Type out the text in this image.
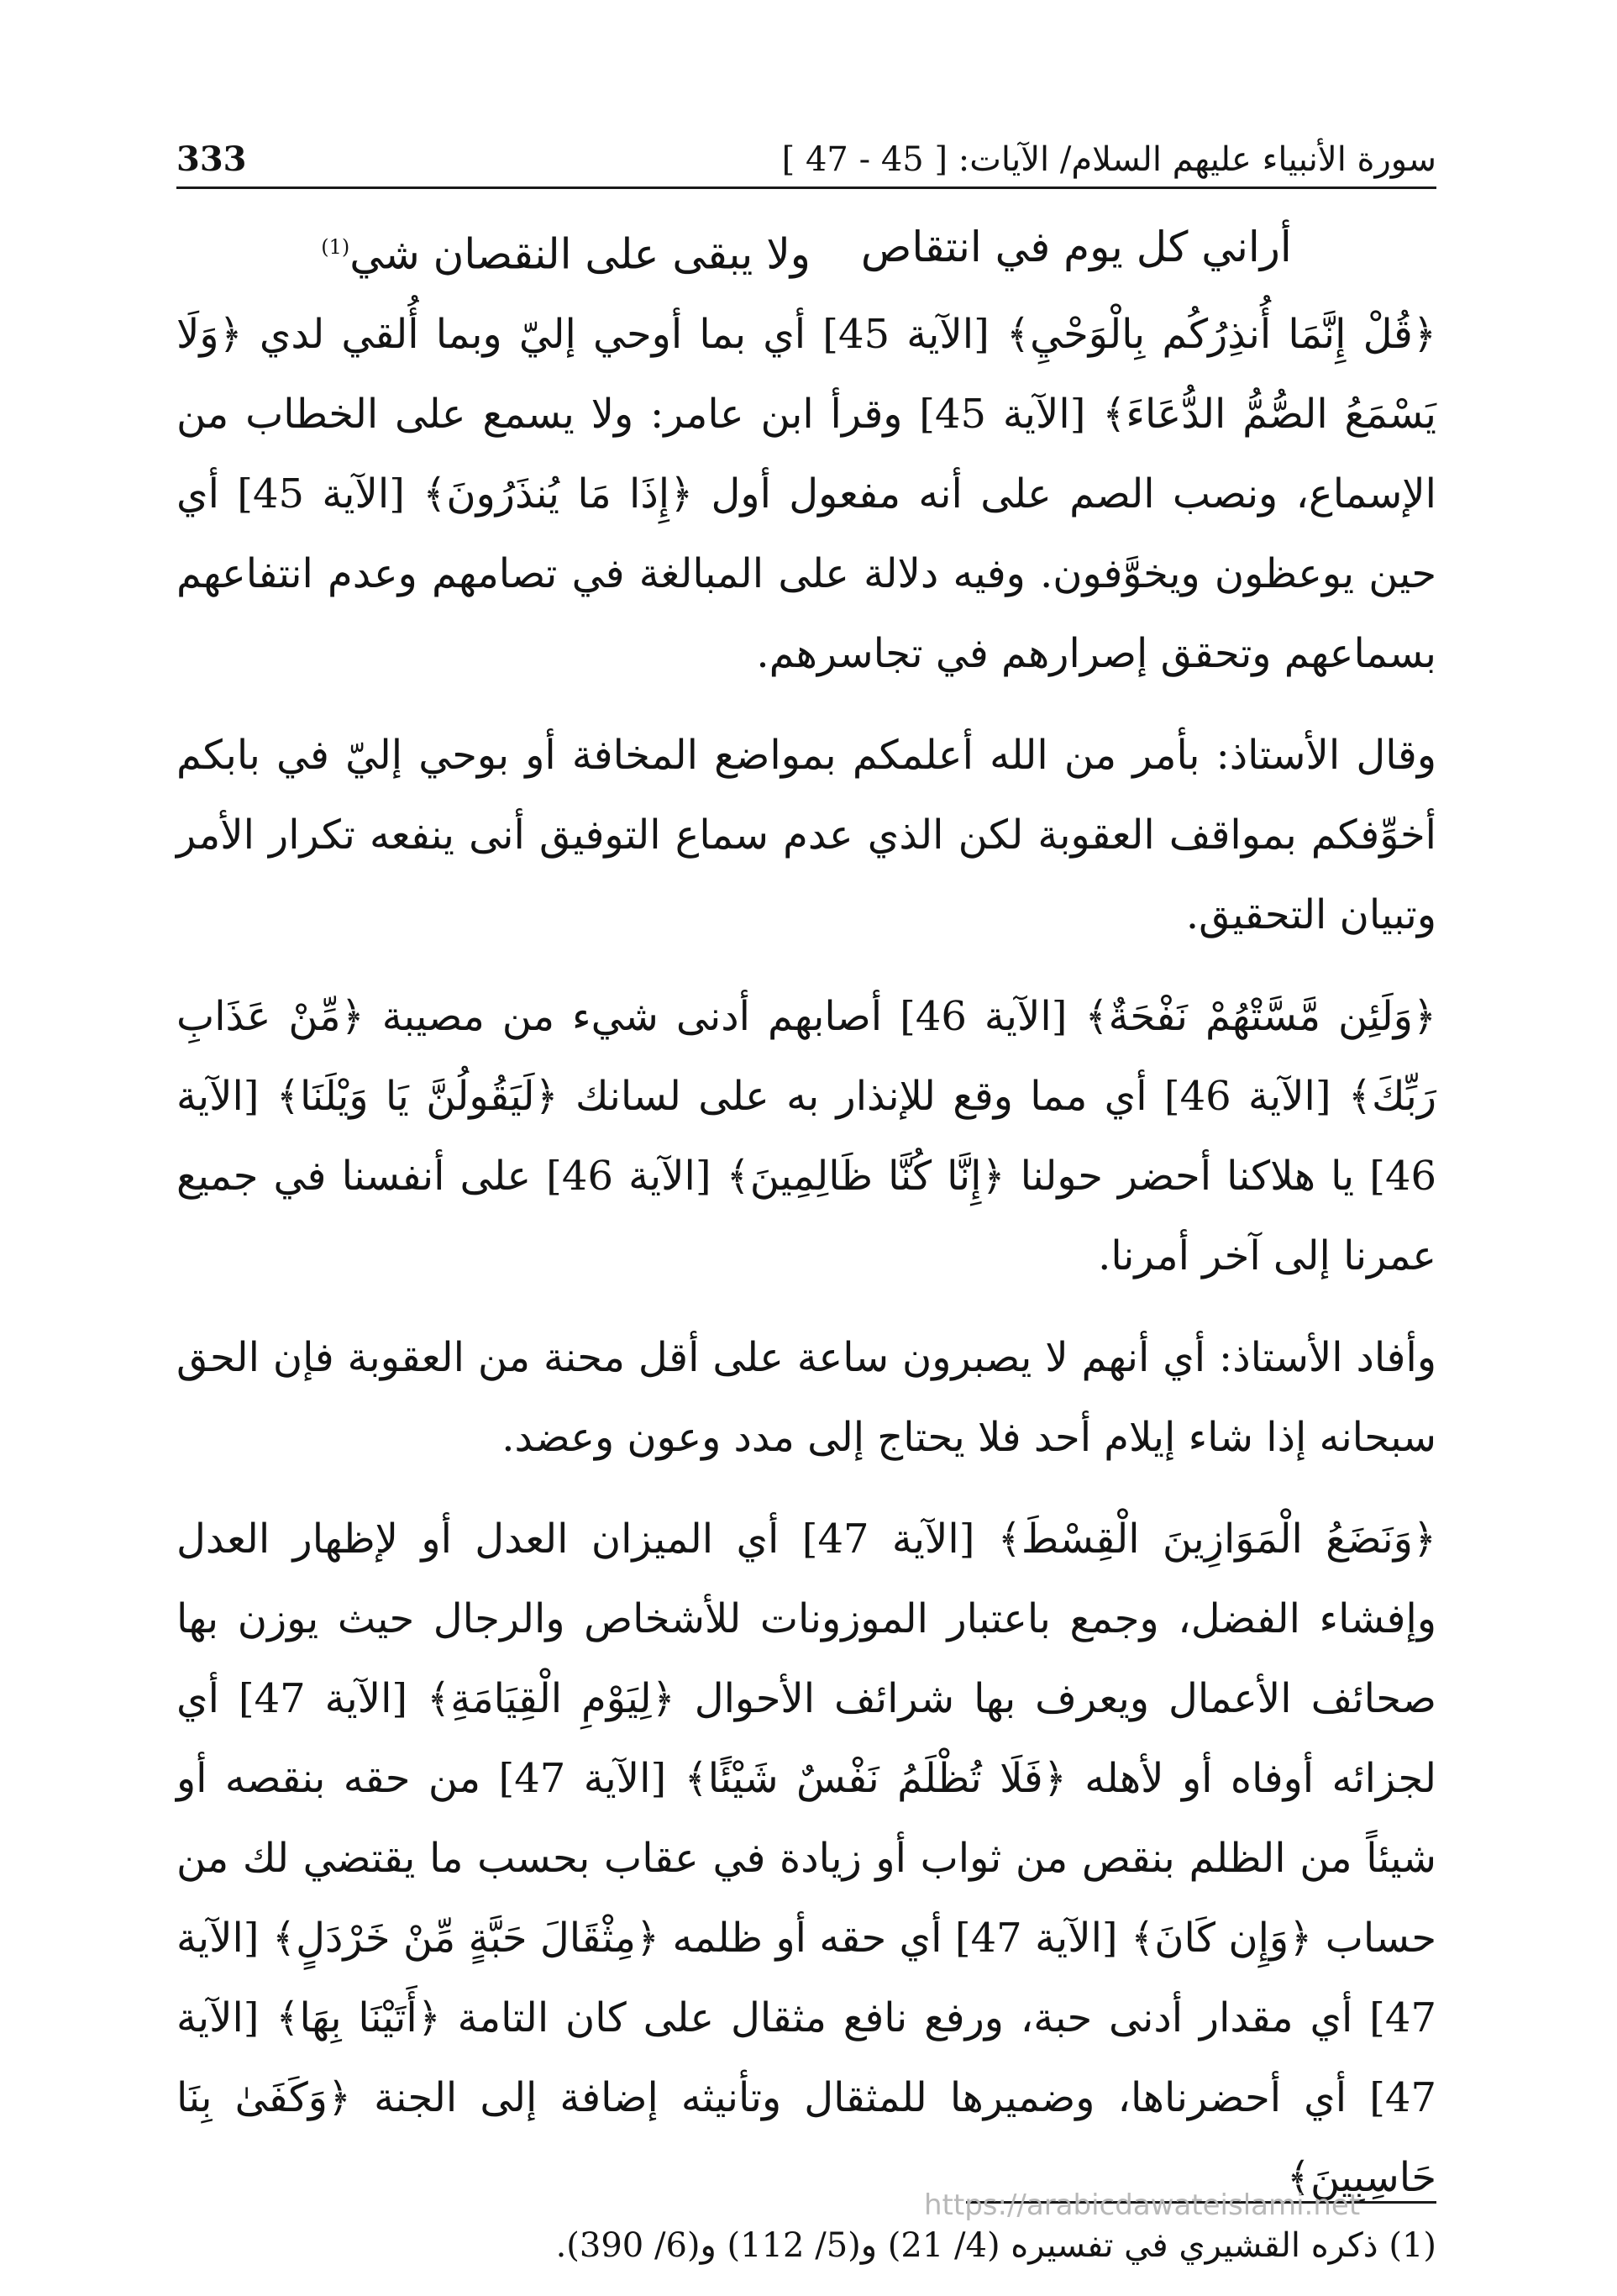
سورة الأنبياء عليهم السلام/ الآيات: [ 45 - 47 ]
333
أراني كل يوم في انتقاص
ولا يبقى على النقصان شي$^{(1)}$

﴿قُلْ إِنَّمَا أُنذِرُكُم بِالْوَحْيِ﴾ [الآية 45] أي بما أوحي إليّ وبما أُلقي لدي ﴿وَلَا يَسْمَعُ الصُّمُّ الدُّعَاءَ﴾ [الآية 45] وقرأ ابن عامر: ولا يسمع على الخطاب من الإسماع، ونصب الصم على أنه مفعول أول ﴿إِذَا مَا يُنذَرُونَ﴾ [الآية 45] أي حين يوعظون ويخوَّفون. وفيه دلالة على المبالغة في تصامهم وعدم انتفاعهم بسماعهم وتحقق إصرارهم في تجاسرهم.

وقال الأستاذ: بأمر من الله أعلمكم بمواضع المخافة أو بوحي إليّ في بابكم أخوِّفكم بمواقف العقوبة لكن الذي عدم سماع التوفيق أنى ينفعه تكرار الأمر وتبيان التحقيق.

﴿وَلَئِن مَّسَّتْهُمْ نَفْحَةٌ﴾ [الآية 46] أصابهم أدنى شيء من مصيبة ﴿مِّنْ عَذَابِ رَبِّكَ﴾ [الآية 46] أي مما وقع للإنذار به على لسانك ﴿لَيَقُولُنَّ يَا وَيْلَنَا﴾ [الآية 46] يا هلاكنا أحضر حولنا ﴿إِنَّا كُنَّا ظَالِمِينَ﴾ [الآية 46] على أنفسنا في جميع عمرنا إلى آخر أمرنا.

وأفاد الأستاذ: أي أنهم لا يصبرون ساعة على أقل محنة من العقوبة فإن الحق سبحانه إذا شاء إيلام أحد فلا يحتاج إلى مدد وعون وعضد.

﴿وَنَضَعُ الْمَوَازِينَ الْقِسْطَ﴾ [الآية 47] أي الميزان العدل أو لإظهار العدل وإفشاء الفضل، وجمع باعتبار الموزونات للأشخاص والرجال حيث يوزن بها صحائف الأعمال ويعرف بها شرائف الأحوال ﴿لِيَوْمِ الْقِيَامَةِ﴾ [الآية 47] أي لجزائه أوفاه أو لأهله ﴿فَلَا تُظْلَمُ نَفْسٌ شَيْئًا﴾ [الآية 47] من حقه بنقصه أو شيئاً من الظلم بنقص من ثواب أو زيادة في عقاب بحسب ما يقتضي لك من حساب ﴿وَإِن كَانَ﴾ [الآية 47] أي حقه أو ظلمه ﴿مِثْقَالَ حَبَّةٍ مِّنْ خَرْدَلٍ﴾ [الآية 47] أي مقدار أدنى حبة، ورفع نافع مثقال على كان التامة ﴿أَتَيْنَا بِهَا﴾ [الآية 47] أي أحضرناها، وضميرها للمثقال وتأنيثه إضافة إلى الجنة ﴿وَكَفَىٰ بِنَا حَاسِبِينَ﴾

(1) ذكره القشيري في تفسيره (4/ 21) و(5/ 112) و(6/ 390).
https://arabicdawateislami.net
